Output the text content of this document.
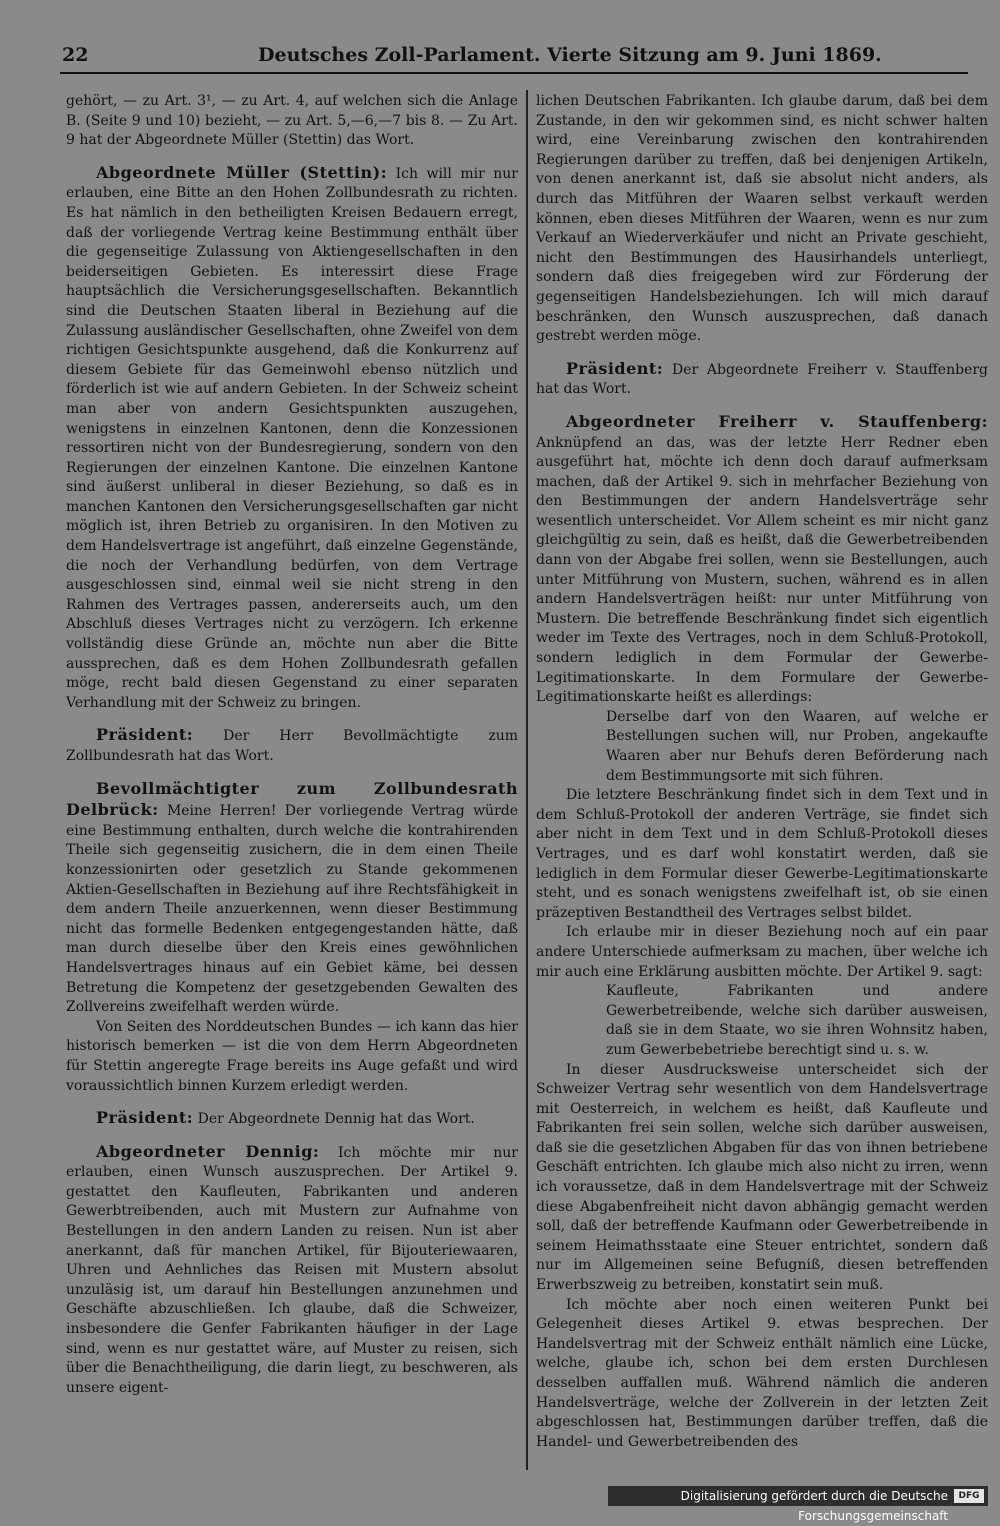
22	Deutsches Zoll-Parlament. Vierte Sitzung am 9. Juni 1869.

gehört, — zu Art. 3¹, — zu Art. 4, auf welchen sich die Anlage B. (Seite 9 und 10) bezieht, — zu Art. 5,—6,—7 bis 8. — Zu Art. 9 hat der Abgeordnete Müller (Stettin) das Wort.

Abgeordnete Müller (Stettin): Ich will mir nur erlauben, eine Bitte an den Hohen Zollbundesrath zu richten. Es hat nämlich in den betheiligten Kreisen Bedauern erregt, daß der vorliegende Vertrag keine Bestimmung enthält über die gegenseitige Zulassung von Aktiengesellschaften in den beiderseitigen Gebieten. Es interessirt diese Frage hauptsächlich die Versicherungsgesellschaften. Bekanntlich sind die Deutschen Staaten liberal in Beziehung auf die Zulassung ausländischer Gesellschaften, ohne Zweifel von dem richtigen Gesichtspunkte ausgehend, daß die Konkurrenz auf diesem Gebiete für das Gemeinwohl ebenso nützlich und förderlich ist wie auf andern Gebieten. In der Schweiz scheint man aber von andern Gesichtspunkten auszugehen, wenigstens in einzelnen Kantonen, denn die Konzessionen ressortiren nicht von der Bundesregierung, sondern von den Regierungen der einzelnen Kantone. Die einzelnen Kantone sind äußerst unliberal in dieser Beziehung, so daß es in manchen Kantonen den Versicherungsgesellschaften gar nicht möglich ist, ihren Betrieb zu organisiren. In den Motiven zu dem Handelsvertrage ist angeführt, daß einzelne Gegenstände, die noch der Verhandlung bedürfen, von dem Vertrage ausgeschlossen sind, einmal weil sie nicht streng in den Rahmen des Vertrages passen, andererseits auch, um den Abschluß dieses Vertrages nicht zu verzögern. Ich erkenne vollständig diese Gründe an, möchte nun aber die Bitte aussprechen, daß es dem Hohen Zollbundesrath gefallen möge, recht bald diesen Gegenstand zu einer separaten Verhandlung mit der Schweiz zu bringen.

Präsident: Der Herr Bevollmächtigte zum Zollbundesrath hat das Wort.

Bevollmächtigter zum Zollbundesrath Delbrück: Meine Herren! Der vorliegende Vertrag würde eine Bestimmung enthalten, durch welche die kontrahirenden Theile sich gegenseitig zusichern, die in dem einen Theile konzessionirten oder gesetzlich zu Stande gekommenen Aktien-Gesellschaften in Beziehung auf ihre Rechtsfähigkeit in dem andern Theile anzuerkennen, wenn dieser Bestimmung nicht das formelle Bedenken entgegengestanden hätte, daß man durch dieselbe über den Kreis eines gewöhnlichen Handelsvertrages hinaus auf ein Gebiet käme, bei dessen Betretung die Kompetenz der gesetzgebenden Gewalten des Zollvereins zweifelhaft werden würde.

Von Seiten des Norddeutschen Bundes — ich kann das hier historisch bemerken — ist die von dem Herrn Abgeordneten für Stettin angeregte Frage bereits ins Auge gefaßt und wird voraussichtlich binnen Kurzem erledigt werden.

Präsident: Der Abgeordnete Dennig hat das Wort.

Abgeordneter Dennig: Ich möchte mir nur erlauben, einen Wunsch auszusprechen. Der Artikel 9. gestattet den Kaufleuten, Fabrikanten und anderen Gewerbtreibenden, auch mit Mustern zur Aufnahme von Bestellungen in den andern Landen zu reisen. Nun ist aber anerkannt, daß für manchen Artikel, für Bijouteriewaaren, Uhren und Aehnliches das Reisen mit Mustern absolut unzuläsig ist, um darauf hin Bestellungen anzunehmen und Geschäfte abzuschließen. Ich glaube, daß die Schweizer, insbesondere die Genfer Fabrikanten häufiger in der Lage sind, wenn es nur gestattet wäre, auf Muster zu reisen, sich über die Benachtheiligung, die darin liegt, zu beschweren, als unsere eigent-

lichen Deutschen Fabrikanten. Ich glaube darum, daß bei dem Zustande, in den wir gekommen sind, es nicht schwer halten wird, eine Vereinbarung zwischen den kontrahirenden Regierungen darüber zu treffen, daß bei denjenigen Artikeln, von denen anerkannt ist, daß sie absolut nicht anders, als durch das Mitführen der Waaren selbst verkauft werden können, eben dieses Mitführen der Waaren, wenn es nur zum Verkauf an Wiederverkäufer und nicht an Private geschieht, nicht den Bestimmungen des Hausirhandels unterliegt, sondern daß dies freigegeben wird zur Förderung der gegenseitigen Handelsbeziehungen. Ich will mich darauf beschränken, den Wunsch auszusprechen, daß danach gestrebt werden möge.

Präsident: Der Abgeordnete Freiherr v. Stauffenberg hat das Wort.

Abgeordneter Freiherr v. Stauffenberg: Anknüpfend an das, was der letzte Herr Redner eben ausgeführt hat, möchte ich denn doch darauf aufmerksam machen, daß der Artikel 9. sich in mehrfacher Beziehung von den Bestimmungen der andern Handelsverträge sehr wesentlich unterscheidet. Vor Allem scheint es mir nicht ganz gleichgültig zu sein, daß es heißt, daß die Gewerbetreibenden dann von der Abgabe frei sollen, wenn sie Bestellungen, auch unter Mitführung von Mustern, suchen, während es in allen andern Handelsverträgen heißt: nur unter Mitführung von Mustern. Die betreffende Beschränkung findet sich eigentlich weder im Texte des Vertrages, noch in dem Schluß-Protokoll, sondern lediglich in dem Formular der Gewerbe-Legitimationskarte. In dem Formulare der Gewerbe-Legitimationskarte heißt es allerdings:

Derselbe darf von den Waaren, auf welche er Bestellungen suchen will, nur Proben, angekaufte Waaren aber nur Behufs deren Beförderung nach dem Bestimmungsorte mit sich führen.

Die letztere Beschränkung findet sich in dem Text und in dem Schluß-Protokoll der anderen Verträge, sie findet sich aber nicht in dem Text und in dem Schluß-Protokoll dieses Vertrages, und es darf wohl konstatirt werden, daß sie lediglich in dem Formular dieser Gewerbe-Legitimationskarte steht, und es sonach wenigstens zweifelhaft ist, ob sie einen präzeptiven Bestandtheil des Vertrages selbst bildet.

Ich erlaube mir in dieser Beziehung noch auf ein paar andere Unterschiede aufmerksam zu machen, über welche ich mir auch eine Erklärung ausbitten möchte. Der Artikel 9. sagt:

Kaufleute, Fabrikanten und andere Gewerbetreibende, welche sich darüber ausweisen, daß sie in dem Staate, wo sie ihren Wohnsitz haben, zum Gewerbebetriebe berechtigt sind u. s. w.

In dieser Ausdrucksweise unterscheidet sich der Schweizer Vertrag sehr wesentlich von dem Handelsvertrage mit Oesterreich, in welchem es heißt, daß Kaufleute und Fabrikanten frei sein sollen, welche sich darüber ausweisen, daß sie die gesetzlichen Abgaben für das von ihnen betriebene Geschäft entrichten. Ich glaube mich also nicht zu irren, wenn ich voraussetze, daß in dem Handelsvertrage mit der Schweiz diese Abgabenfreiheit nicht davon abhängig gemacht werden soll, daß der betreffende Kaufmann oder Gewerbetreibende in seinem Heimathsstaate eine Steuer entrichtet, sondern daß nur im Allgemeinen seine Befugniß, diesen betreffenden Erwerbszweig zu betreiben, konstatirt sein muß.

Ich möchte aber noch einen weiteren Punkt bei Gelegenheit dieses Artikel 9. etwas besprechen. Der Handelsvertrag mit der Schweiz enthält nämlich eine Lücke, welche, glaube ich, schon bei dem ersten Durchlesen desselben auffallen muß. Während nämlich die anderen Handelsverträge, welche der Zollverein in der letzten Zeit abgeschlossen hat, Bestimmungen darüber treffen, daß die Handel- und Gewerbetreibenden des

Digitalisierung gefördert durch die Deutsche Forschungsgemeinschaft
DFG
